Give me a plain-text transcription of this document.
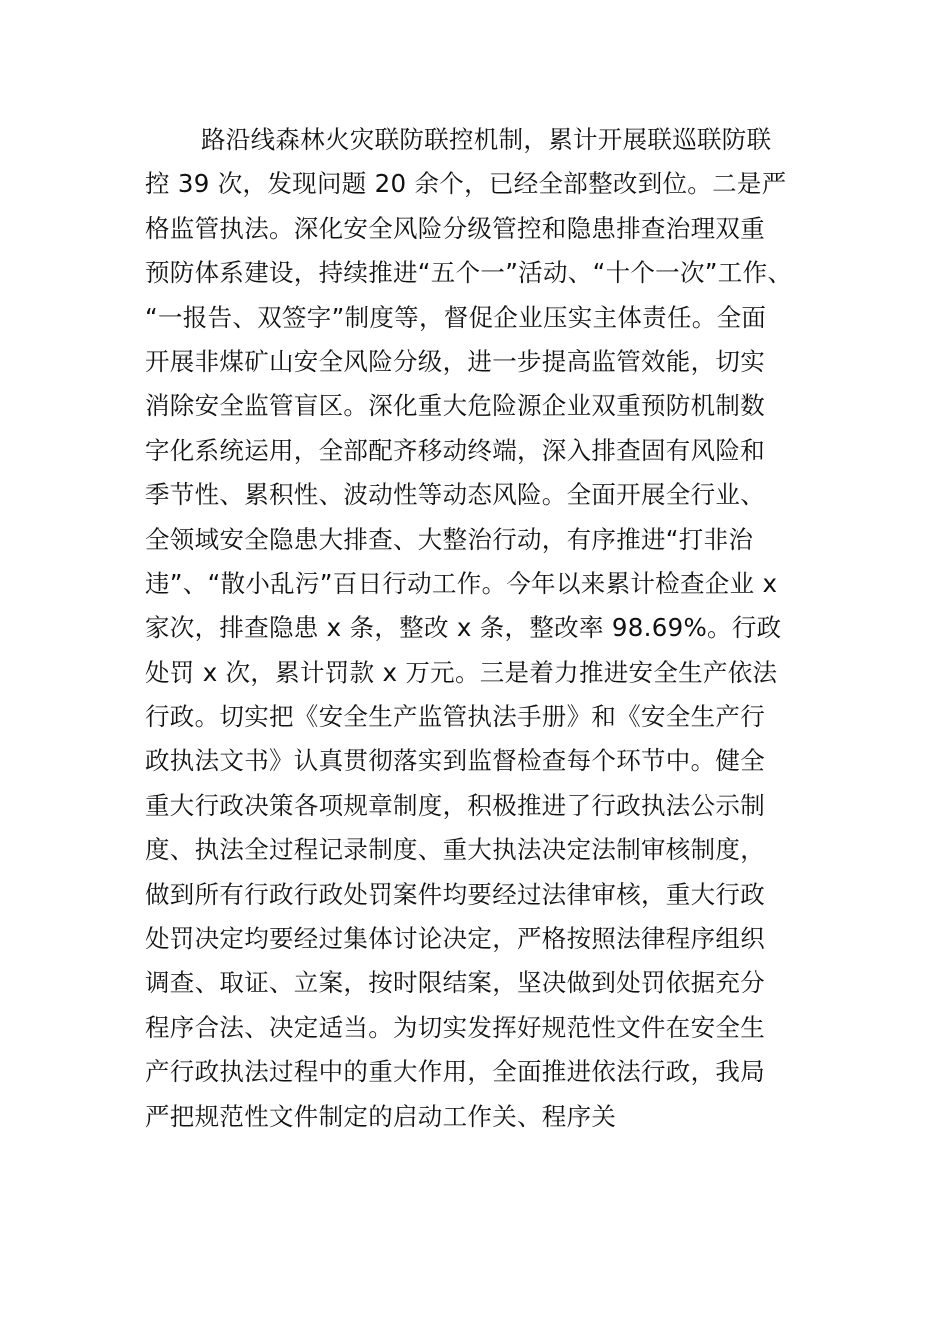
路沿线森林火灾联防联控机制，累计开展联巡联防联
控 39 次，发现问题 20 余个，已经全部整改到位。二是严
格监管执法。深化安全风险分级管控和隐患排查治理双重
预防体系建设，持续推进“五个一”活动、“十个一次”工作、
“一报告、双签字”制度等，督促企业压实主体责任。全面
开展非煤矿山安全风险分级，进一步提高监管效能，切实
消除安全监管盲区。深化重大危险源企业双重预防机制数
字化系统运用，全部配齐移动终端，深入排查固有风险和
季节性、累积性、波动性等动态风险。全面开展全行业、
全领域安全隐患大排查、大整治行动，有序推进“打非治
违”、“散小乱污”百日行动工作。今年以来累计检查企业 x
家次，排查隐患 x 条，整改 x 条，整改率 98.69%。行政
处罚 x 次，累计罚款 x 万元。三是着力推进安全生产依法
行政。切实把《安全生产监管执法手册》和《安全生产行
政执法文书》认真贯彻落实到监督检查每个环节中。健全
重大行政决策各项规章制度，积极推进了行政执法公示制
度、执法全过程记录制度、重大执法决定法制审核制度，
做到所有行政行政处罚案件均要经过法律审核，重大行政
处罚决定均要经过集体讨论决定，严格按照法律程序组织
调查、取证、立案，按时限结案，坚决做到处罚依据充分
程序合法、决定适当。为切实发挥好规范性文件在安全生
产行政执法过程中的重大作用，全面推进依法行政，我局
严把规范性文件制定的启动工作关、程序关
